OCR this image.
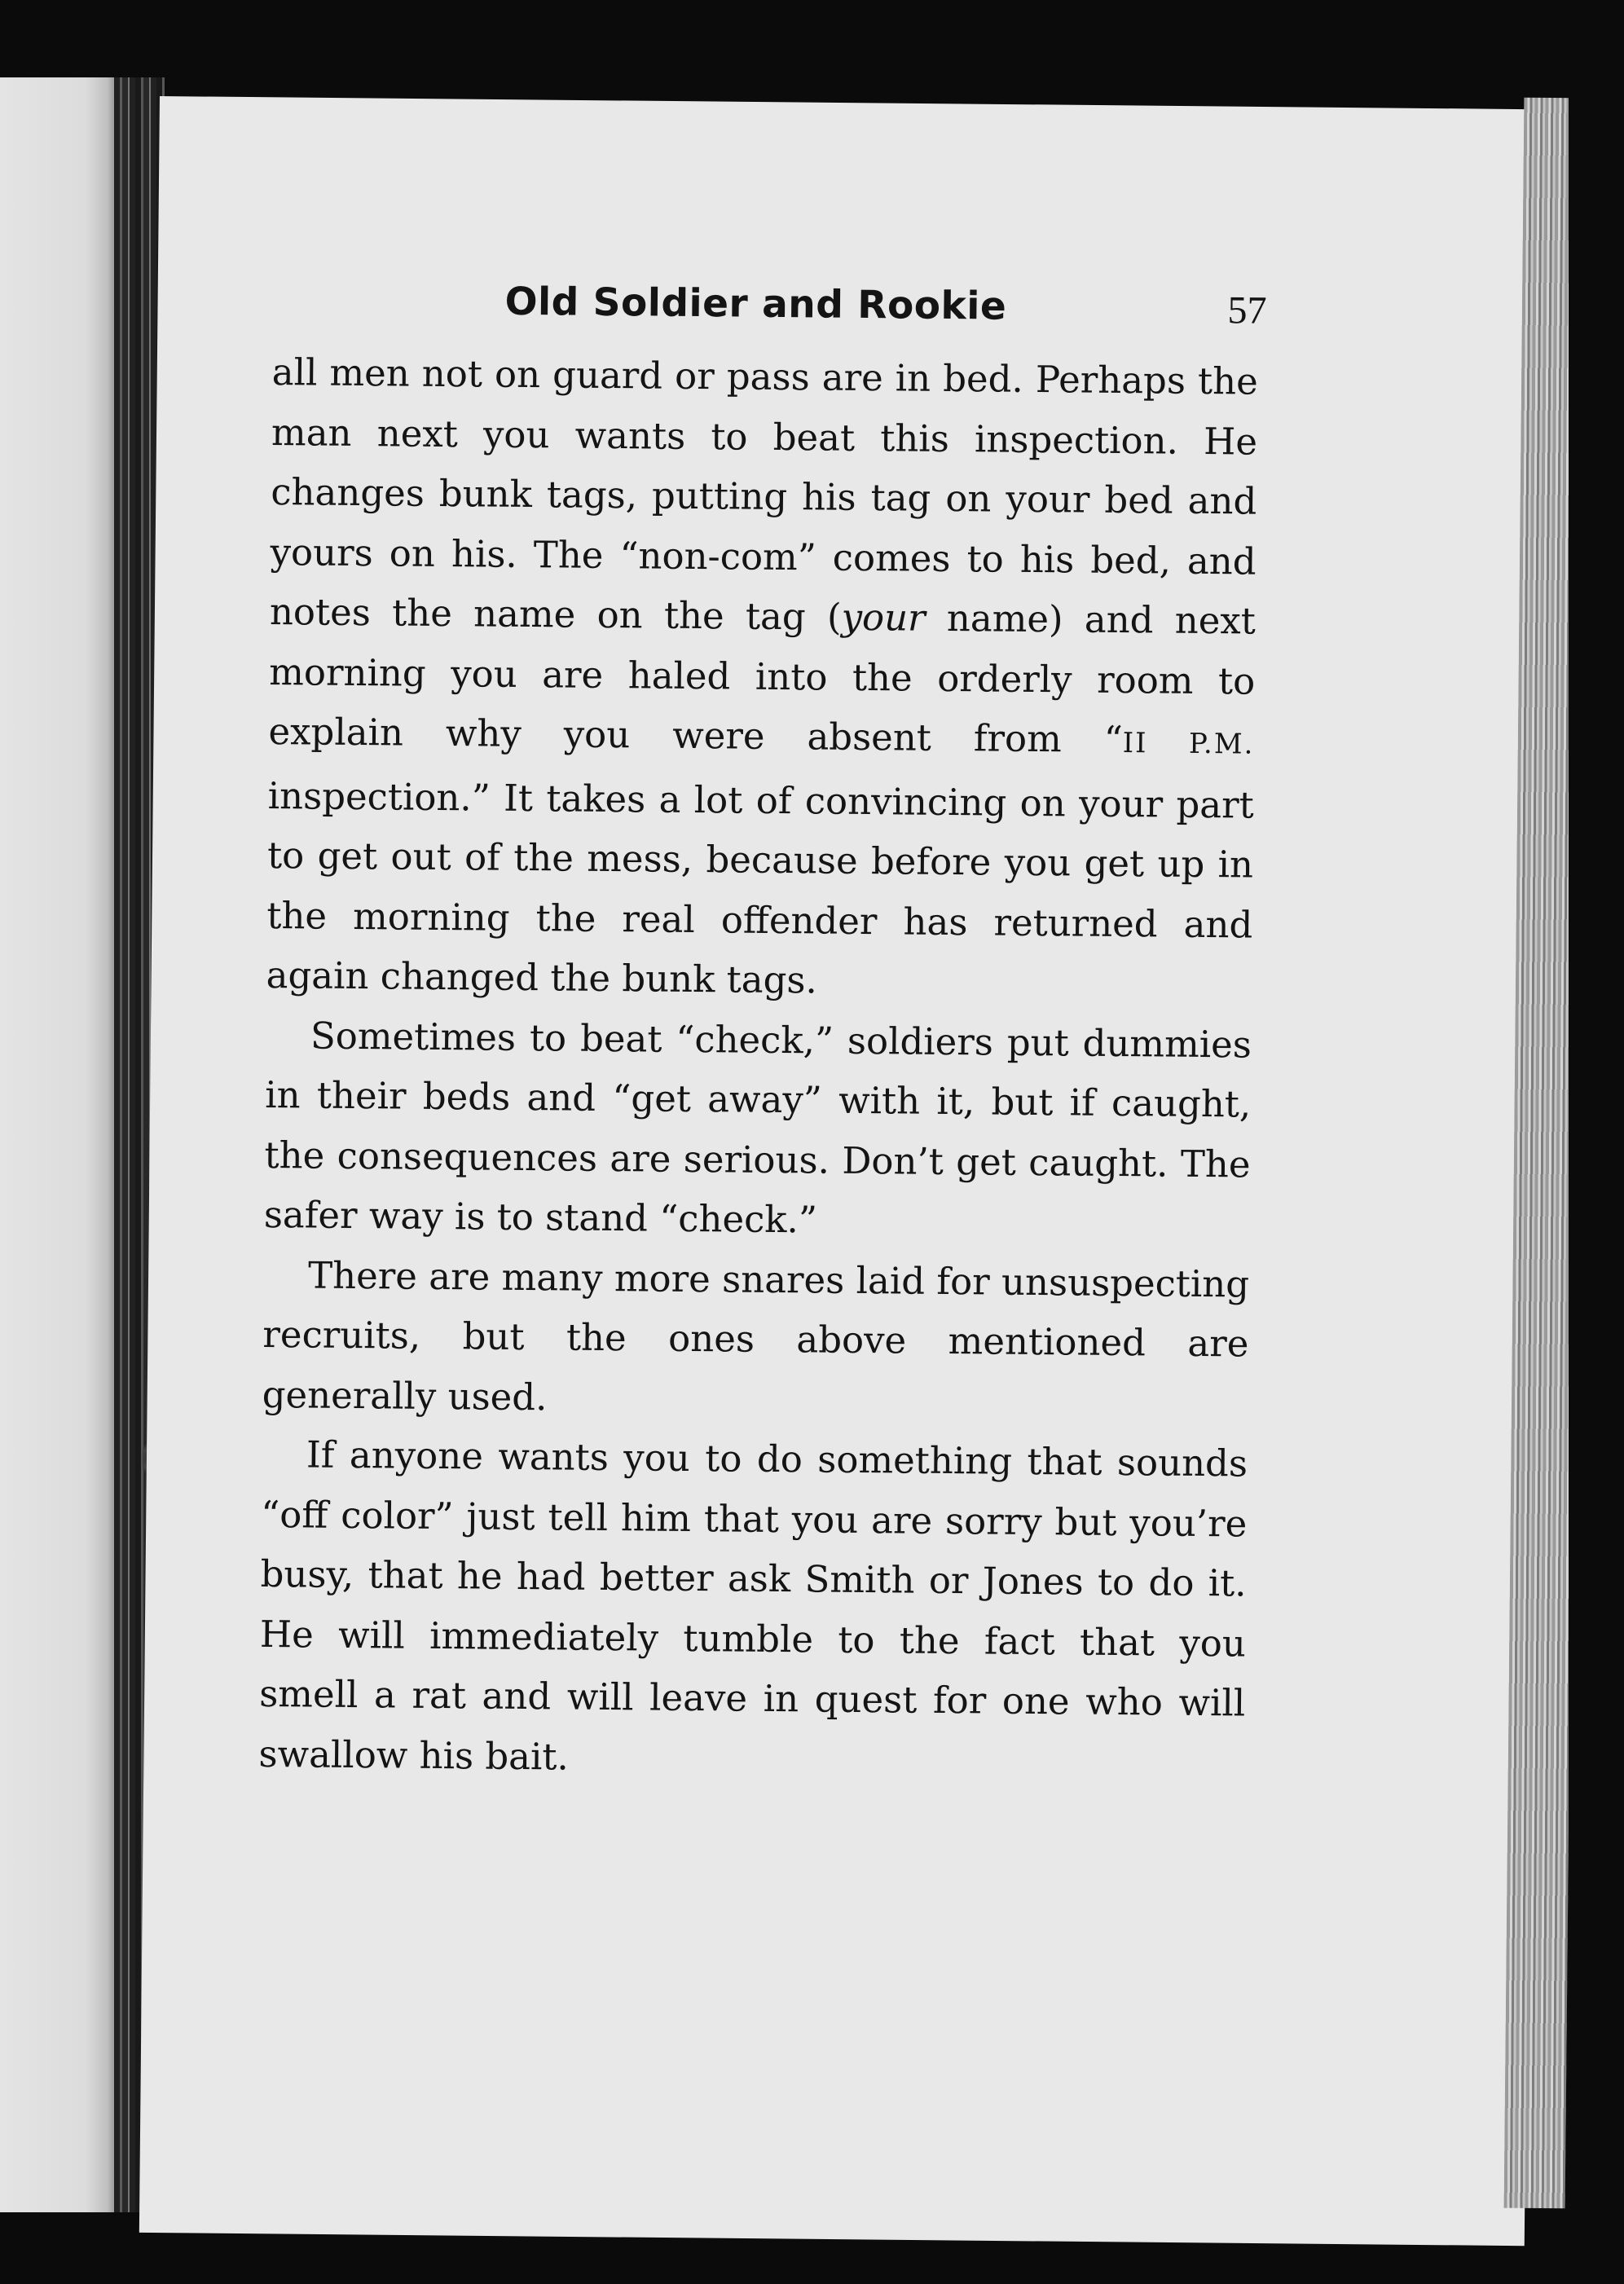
Old Soldier and Rookie	57

all men not on guard or pass are in bed. Perhaps the man next you wants to beat this inspection. He changes bunk tags, putting his tag on your bed and yours on his. The “non-com” comes to his bed, and notes the name on the tag (your name) and next morning you are haled into the orderly room to explain why you were absent from “II P.M. inspection.” It takes a lot of convincing on your part to get out of the mess, because before you get up in the morning the real offender has returned and again changed the bunk tags.

Sometimes to beat “check,” soldiers put dummies in their beds and “get away” with it, but if caught, the consequences are serious. Don’t get caught. The safer way is to stand “check.”

There are many more snares laid for unsuspecting recruits, but the ones above mentioned are generally used.

If anyone wants you to do something that sounds “off color” just tell him that you are sorry but you’re busy, that he had better ask Smith or Jones to do it. He will immediately tumble to the fact that you smell a rat and will leave in quest for one who will swallow his bait.
